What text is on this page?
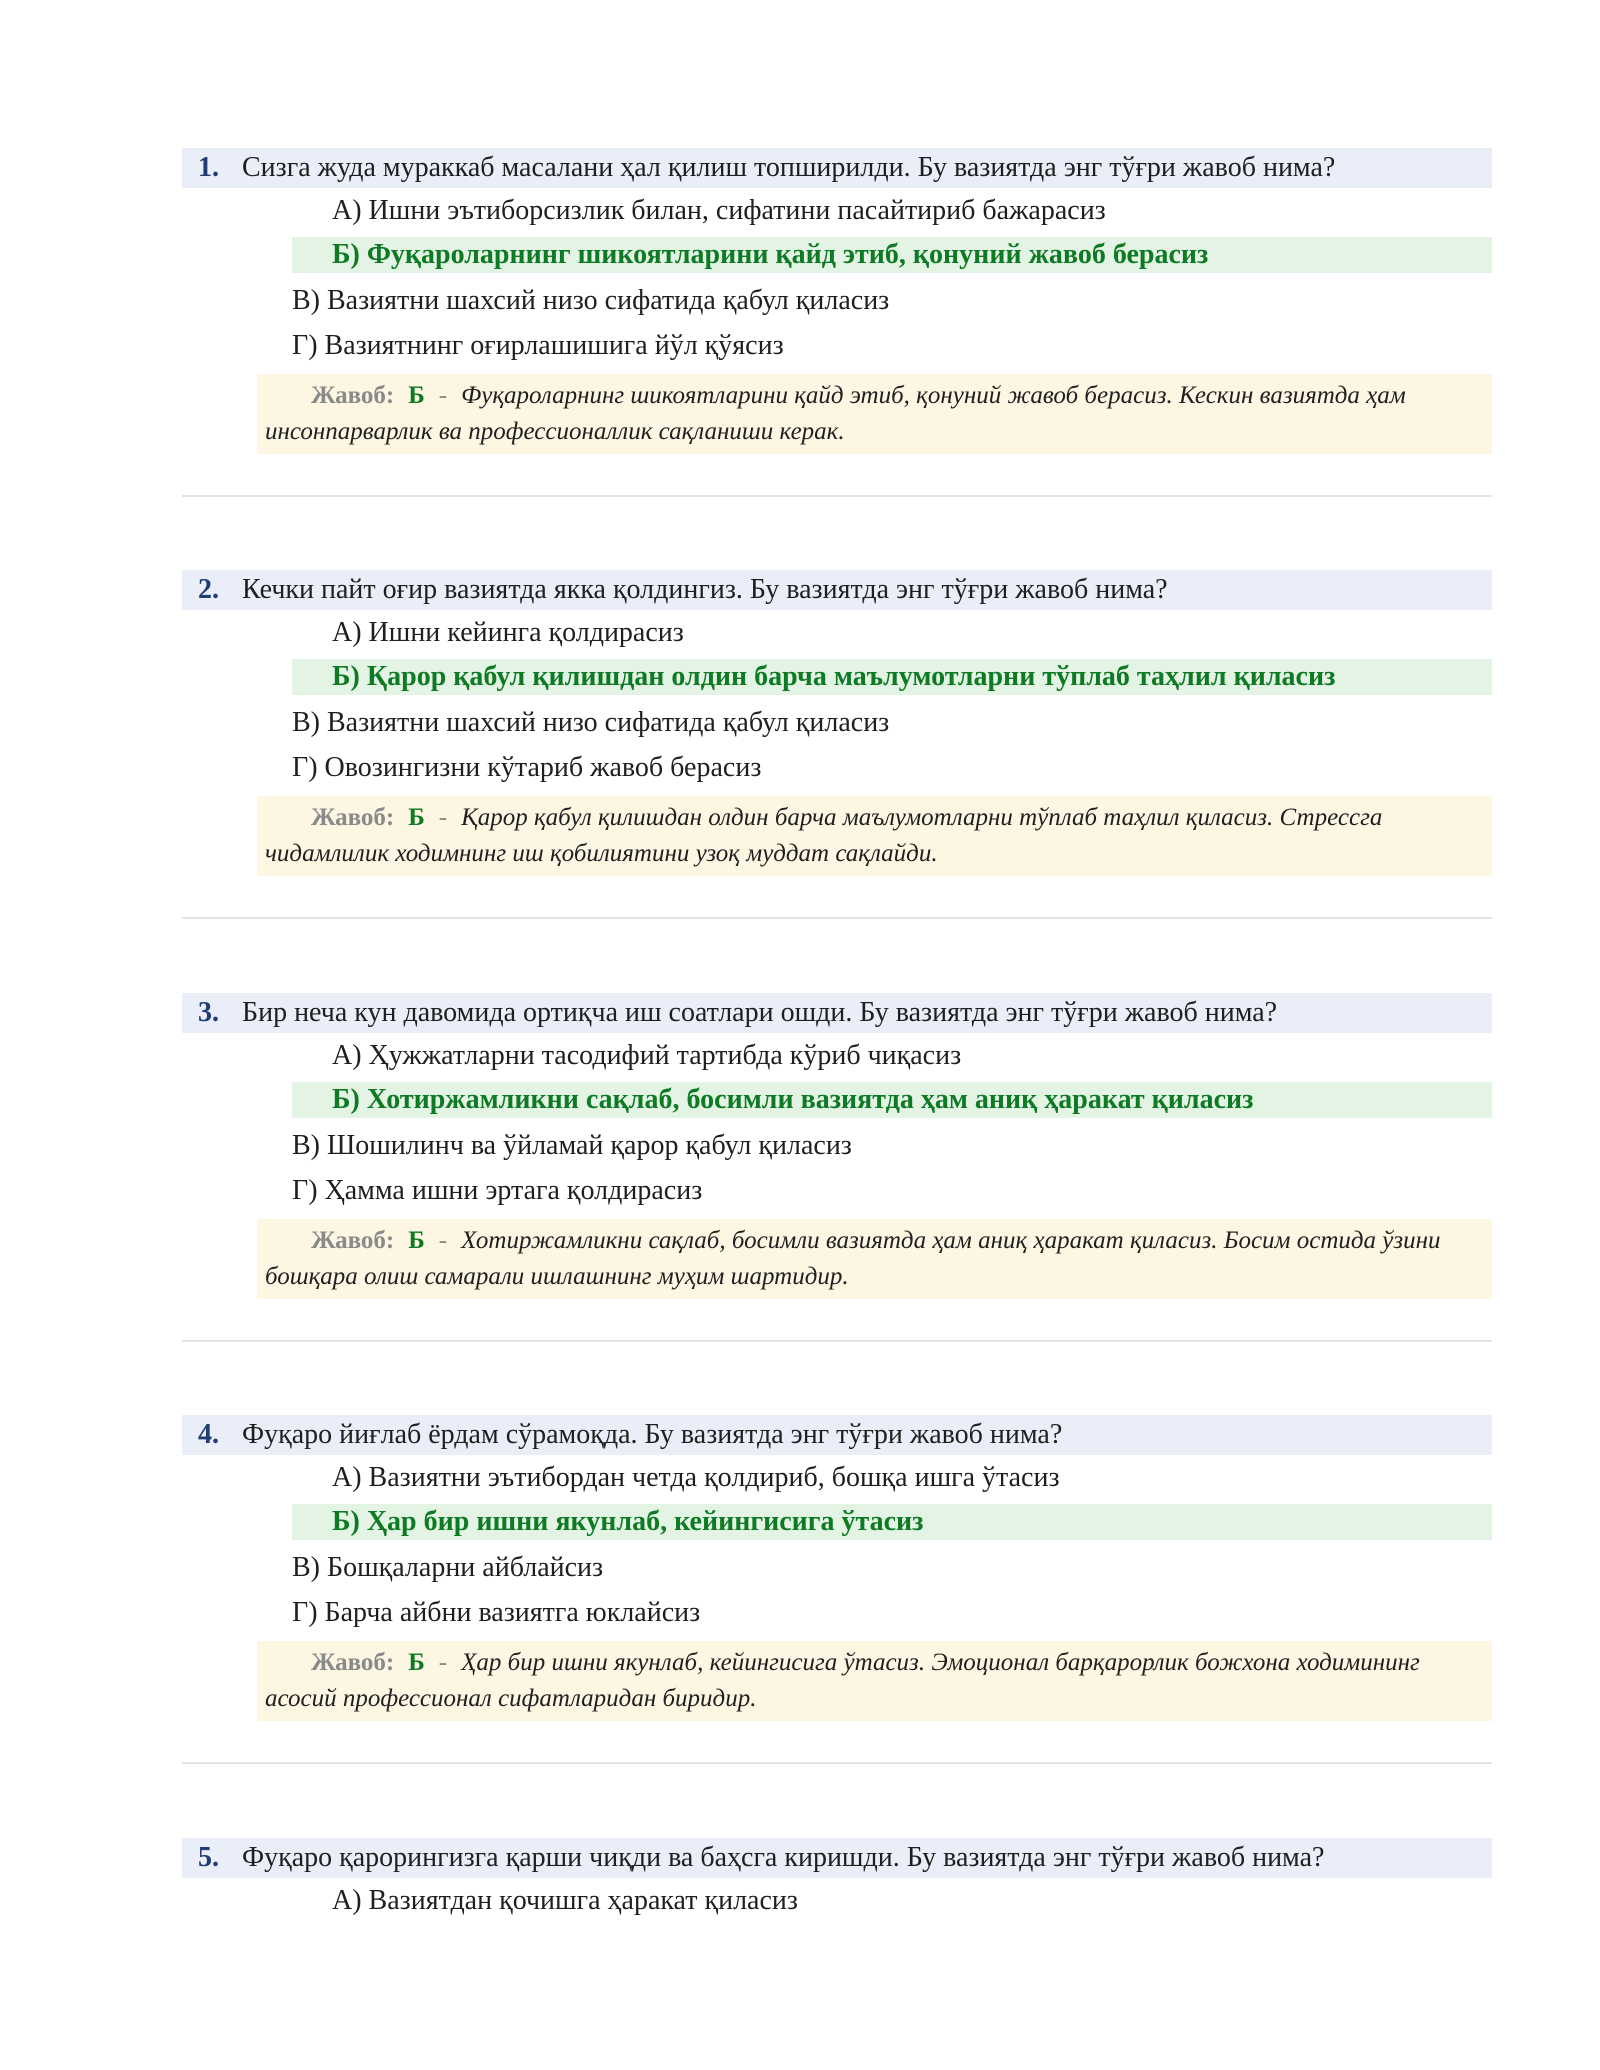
1. Сизга жуда мураккаб масалани ҳал қилиш топширилди. Бу вазиятда энг тўғри жавоб нима?
А) Ишни эътиборсизлик билан, сифатини пасайтириб бажарасиз
Б) Фуқароларнинг шикоятларини қайд этиб, қонуний жавоб берасиз
В) Вазиятни шахсий низо сифатида қабул қиласиз
Г) Вазиятнинг оғирлашишига йўл қўясиз
Жавоб: Б - Фуқароларнинг шикоятларини қайд этиб, қонуний жавоб берасиз. Кескин вазиятда ҳам инсонпарварлик ва профессионаллик сақланиши керак.
2. Кечки пайт оғир вазиятда якка қолдингиз. Бу вазиятда энг тўғри жавоб нима?
А) Ишни кейинга қолдирасиз
Б) Қарор қабул қилишдан олдин барча маълумотларни тўплаб таҳлил қиласиз
В) Вазиятни шахсий низо сифатида қабул қиласиз
Г) Овозингизни кўтариб жавоб берасиз
Жавоб: Б - Қарор қабул қилишдан олдин барча маълумотларни тўплаб таҳлил қиласиз. Стрессга чидамлилик ходимнинг иш қобилиятини узоқ муддат сақлайди.
3. Бир неча кун давомида ортиқча иш соатлари ошди. Бу вазиятда энг тўғри жавоб нима?
А) Ҳужжатларни тасодифий тартибда кўриб чиқасиз
Б) Хотиржамликни сақлаб, босимли вазиятда ҳам аниқ ҳаракат қиласиз
В) Шошилинч ва ўйламай қарор қабул қиласиз
Г) Ҳамма ишни эртага қолдирасиз
Жавоб: Б - Хотиржамликни сақлаб, босимли вазиятда ҳам аниқ ҳаракат қиласиз. Босим остида ўзини бошқара олиш самарали ишлашнинг муҳим шартидир.
4. Фуқаро йиғлаб ёрдам сўрамоқда. Бу вазиятда энг тўғри жавоб нима?
А) Вазиятни эътибордан четда қолдириб, бошқа ишга ўтасиз
Б) Ҳар бир ишни якунлаб, кейингисига ўтасиз
В) Бошқаларни айблайсиз
Г) Барча айбни вазиятга юклайсиз
Жавоб: Б - Ҳар бир ишни якунлаб, кейингисига ўтасиз. Эмоционал барқарорлик божхона ходимининг асосий профессионал сифатларидан биридир.
5. Фуқаро қарорингизга қарши чиқди ва баҳсга киришди. Бу вазиятда энг тўғри жавоб нима?
А) Вазиятдан қочишга ҳаракат қиласиз
